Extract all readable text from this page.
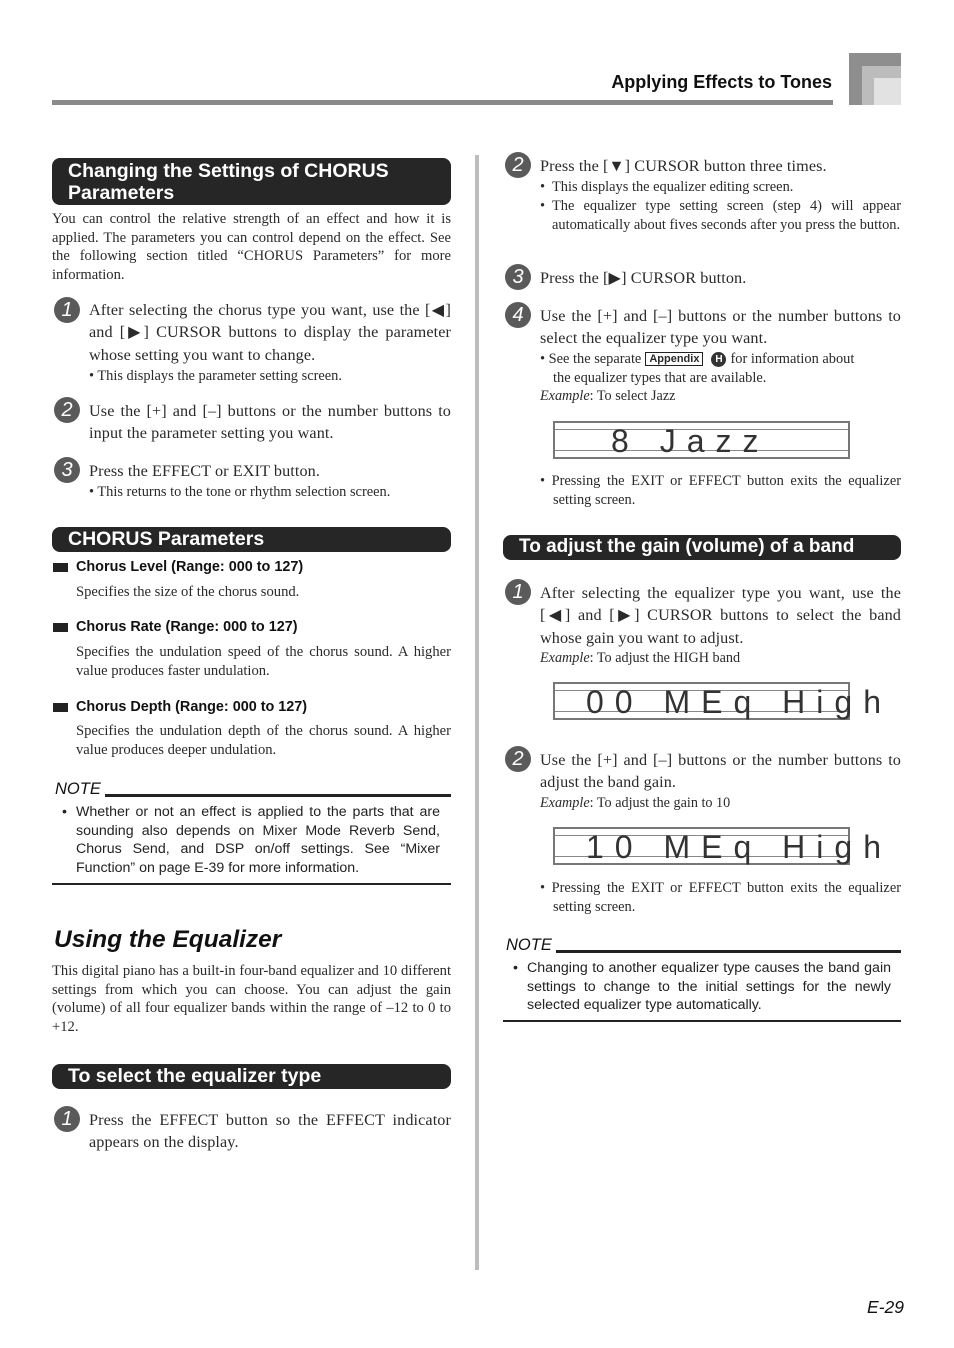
Applying Effects to Tones
Changing the Settings of CHORUS Parameters
You can control the relative strength of an effect and how it is applied. The parameters you can control depend on the effect. See the following section titled “CHORUS Parameters” for more information.
1	After selecting the chorus type you want, use the [◀] and [▶] CURSOR buttons to display the parameter whose setting you want to change.
• This displays the parameter setting screen.
2	Use the [+] and [–] buttons or the number buttons to input the parameter setting you want.
3	Press the EFFECT or EXIT button.
• This returns to the tone or rhythm selection screen.
CHORUS Parameters
Chorus Level (Range: 000 to 127)
Specifies the size of the chorus sound.
Chorus Rate (Range: 000 to 127)
Specifies the undulation speed of the chorus sound. A higher value produces faster undulation.
Chorus Depth (Range: 000 to 127)
Specifies the undulation depth of the chorus sound. A higher value produces deeper undulation.
NOTE
• Whether or not an effect is applied to the parts that are sounding also depends on Mixer Mode Reverb Send, Chorus Send, and DSP on/off settings. See “Mixer Function” on page E-39 for more information.
Using the Equalizer
This digital piano has a built-in four-band equalizer and 10 different settings from which you can choose. You can adjust the gain (volume) of all four equalizer bands within the range of –12 to 0 to +12.
To select the equalizer type
1	Press the EFFECT button so the EFFECT indicator appears on the display.
2	Press the [▼] CURSOR button three times.
• This displays the equalizer editing screen.
• The equalizer type setting screen (step 4) will appear automatically about fives seconds after you press the button.
3	Press the [▶] CURSOR button.
4	Use the [+] and [–] buttons or the number buttons to select the equalizer type you want.
• See the separate Appendix H for information about
the equalizer types that are available.
Example: To select Jazz
8 Jazz
• Pressing the EXIT or EFFECT button exits the equalizer setting screen.
To adjust the gain (volume) of a band
1	After selecting the equalizer type you want, use the [◀] and [▶] CURSOR buttons to select the band whose gain you want to adjust.
Example: To adjust the HIGH band
00 MEq High
2	Use the [+] and [–] buttons or the number buttons to adjust the band gain.
Example: To adjust the gain to 10
10 MEq High
• Pressing the EXIT or EFFECT button exits the equalizer setting screen.
NOTE
• Changing to another equalizer type causes the band gain settings to change to the initial settings for the newly selected equalizer type automatically.
E-29
